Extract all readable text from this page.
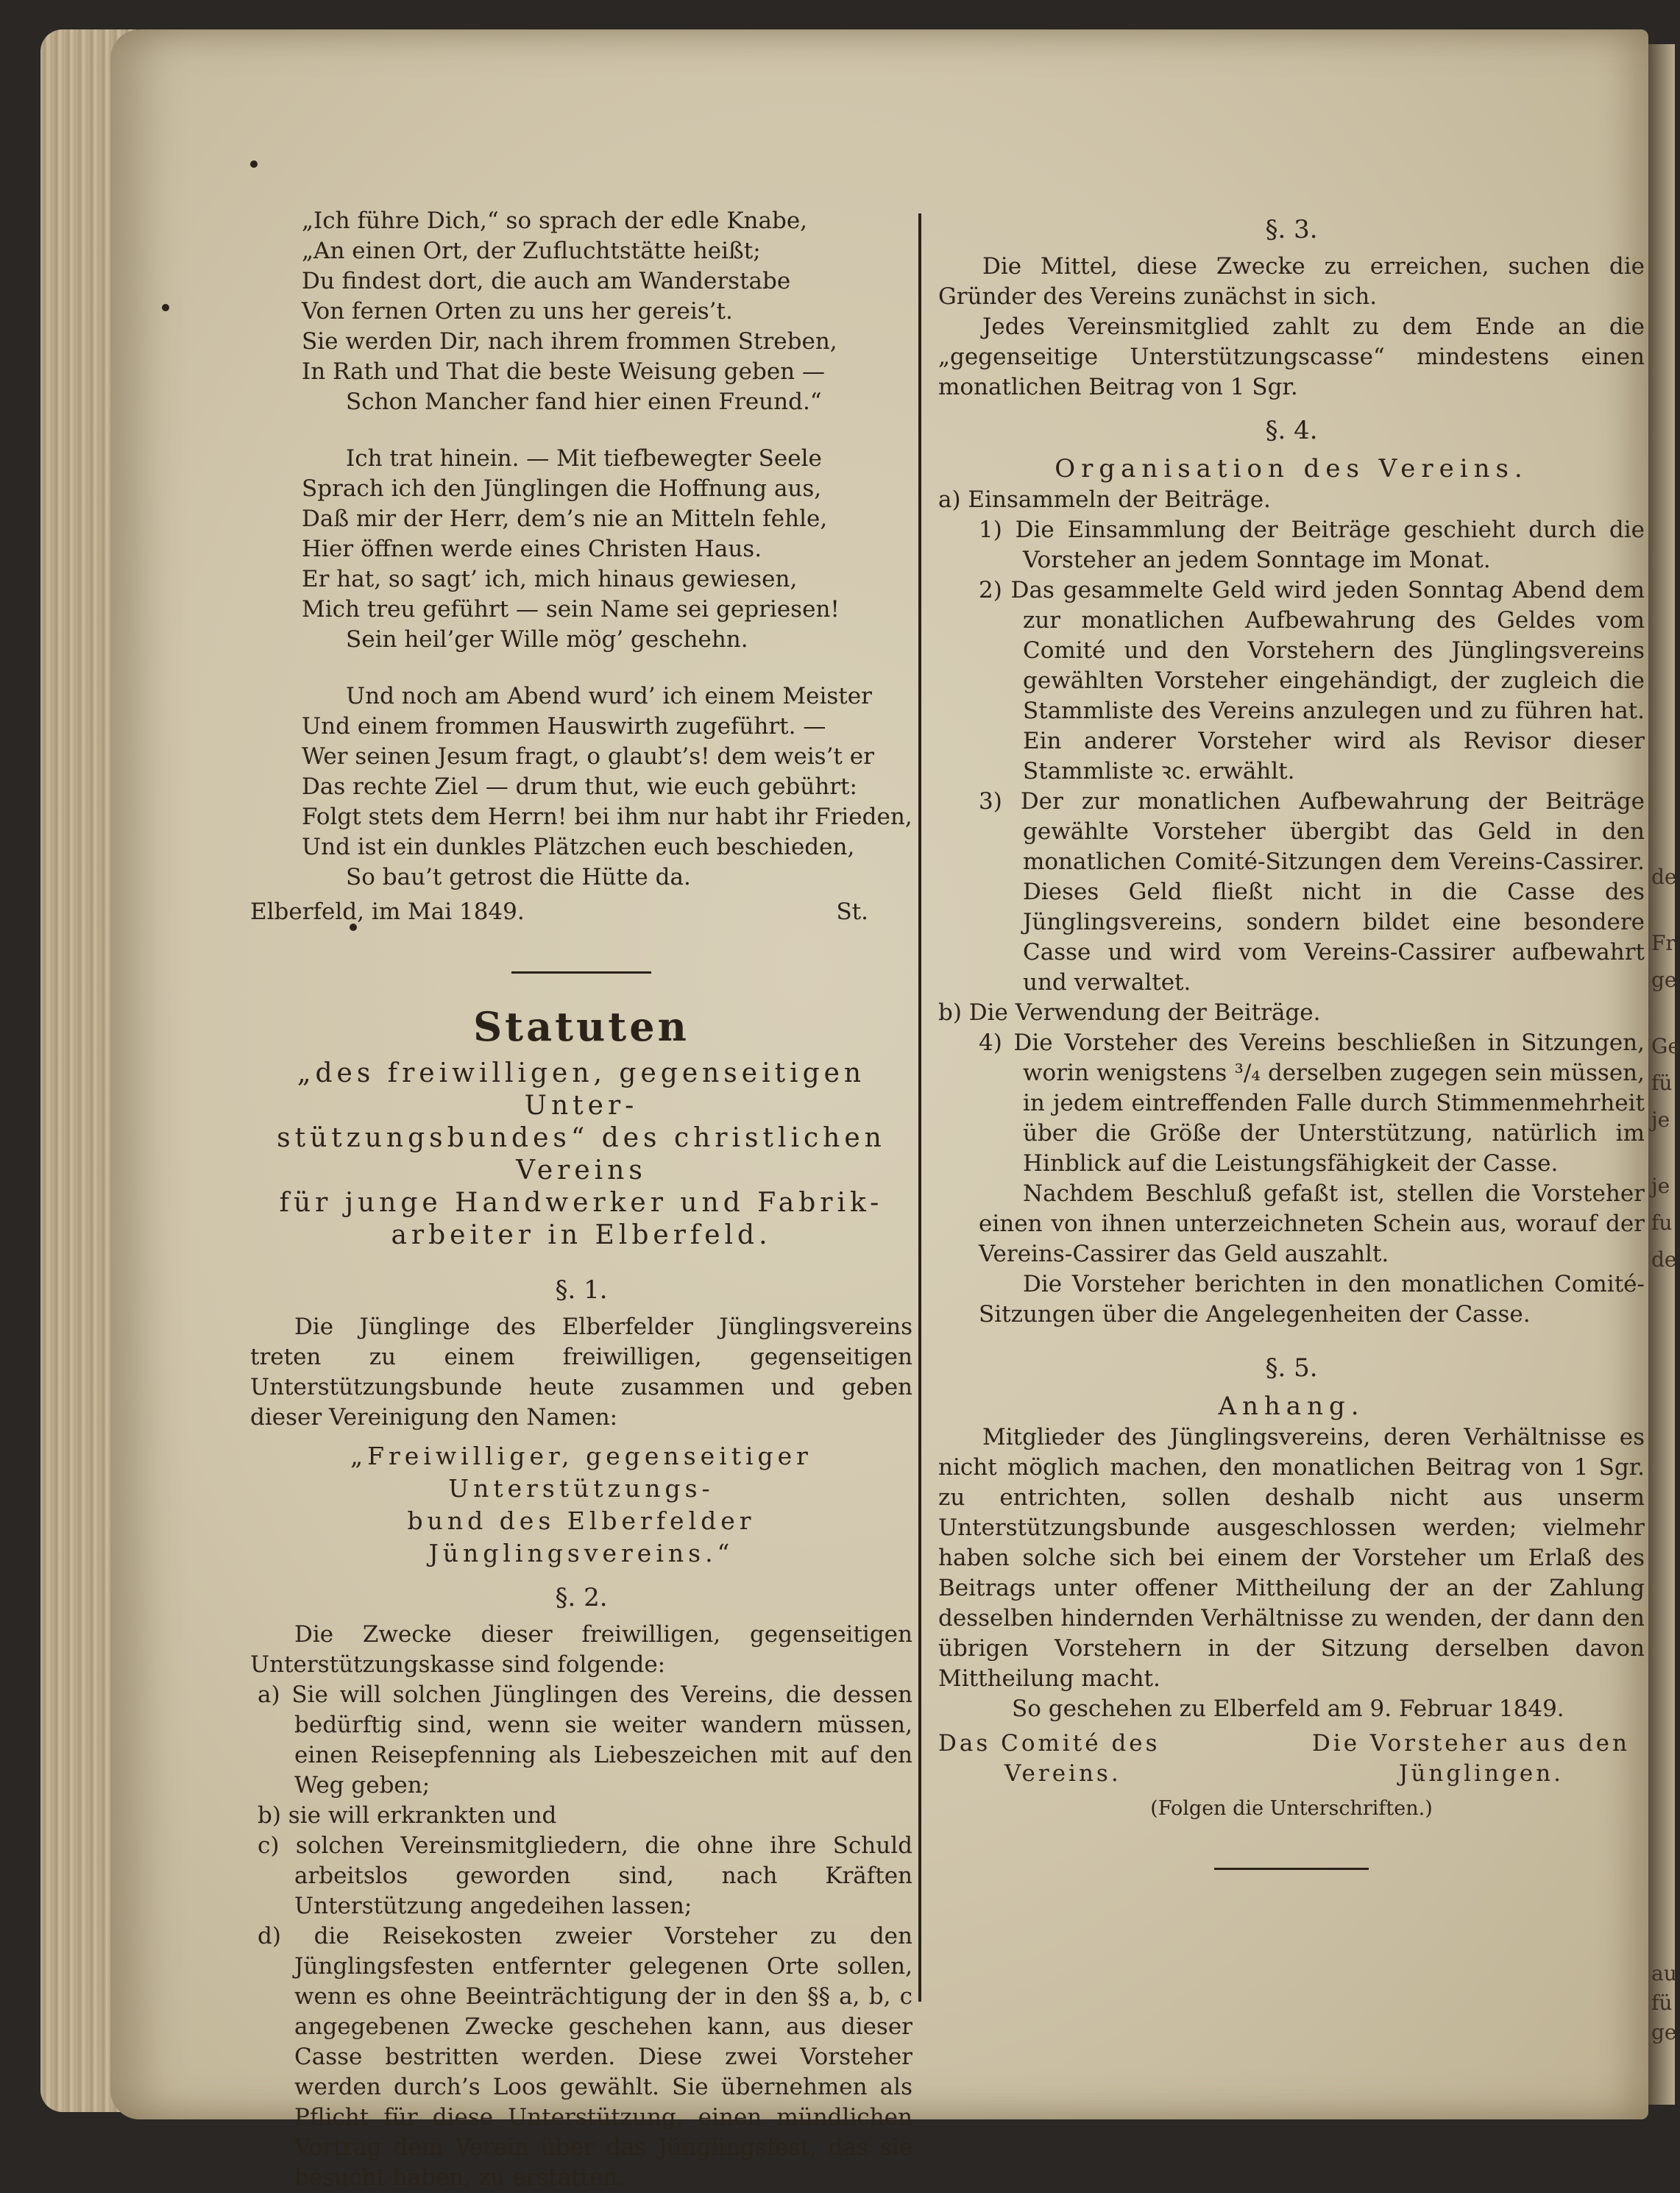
„Ich führe Dich,“ so sprach der edle Knabe,
„An einen Ort, der Zufluchtstätte heißt;
Du findest dort, die auch am Wanderstabe
Von fernen Orten zu uns her gereis’t.
Sie werden Dir, nach ihrem frommen Streben,
In Rath und That die beste Weisung geben —
Schon Mancher fand hier einen Freund.“
Ich trat hinein. — Mit tiefbewegter Seele
Sprach ich den Jünglingen die Hoffnung aus,
Daß mir der Herr, dem’s nie an Mitteln fehle,
Hier öffnen werde eines Christen Haus.
Er hat, so sagt’ ich, mich hinaus gewiesen,
Mich treu geführt — sein Name sei gepriesen!
Sein heil’ger Wille mög’ geschehn.
Und noch am Abend wurd’ ich einem Meister
Und einem frommen Hauswirth zugeführt. —
Wer seinen Jesum fragt, o glaubt’s! dem weis’t er
Das rechte Ziel — drum thut, wie euch gebührt:
Folgt stets dem Herrn! bei ihm nur habt ihr Frieden,
Und ist ein dunkles Plätzchen euch beschieden,
So bau’t getrost die Hütte da.
Elberfeld, im Mai 1849.	St.
Statuten
„des freiwilligen, gegenseitigen Unter-
stützungsbundes“ des christlichen Vereins
für junge Handwerker und Fabrik-
arbeiter in Elberfeld.
§. 1.
Die Jünglinge des Elberfelder Jünglingsvereins treten zu einem freiwilligen, gegenseitigen Unterstützungsbunde heute zusammen und geben dieser Vereinigung den Namen:
„Freiwilliger, gegenseitiger Unterstützungs-
bund des Elberfelder Jünglingsvereins.“
§. 2.
Die Zwecke dieser freiwilligen, gegenseitigen Unterstützungskasse sind folgende:
a) Sie will solchen Jünglingen des Vereins, die dessen bedürftig sind, wenn sie weiter wandern müssen, einen Reisepfenning als Liebeszeichen mit auf den Weg geben;
b) sie will erkrankten und
c) solchen Vereinsmitgliedern, die ohne ihre Schuld arbeitslos geworden sind, nach Kräften Unterstützung angedeihen lassen;
d) die Reisekosten zweier Vorsteher zu den Jünglingsfesten entfernter gelegenen Orte sollen, wenn es ohne Beeinträchtigung der in den §§ a, b, c angegebenen Zwecke geschehen kann, aus dieser Casse bestritten werden. Diese zwei Vorsteher werden durch’s Loos gewählt. Sie übernehmen als Pflicht für diese Unterstützung, einen mündlichen Vortrag dem Verein über das Jünglingsfest, das sie besucht haben, zu erstatten.
§. 3.
Die Mittel, diese Zwecke zu erreichen, suchen die Gründer des Vereins zunächst in sich.
Jedes Vereinsmitglied zahlt zu dem Ende an die „gegenseitige Unterstützungscasse“ mindestens einen monatlichen Beitrag von 1 Sgr.
§. 4.
Organisation des Vereins.
a) Einsammeln der Beiträge.
1) Die Einsammlung der Beiträge geschieht durch die Vorsteher an jedem Sonntage im Monat.
2) Das gesammelte Geld wird jeden Sonntag Abend dem zur monatlichen Aufbewahrung des Geldes vom Comité und den Vorstehern des Jünglingsvereins gewählten Vorsteher eingehändigt, der zugleich die Stammliste des Vereins anzulegen und zu führen hat. Ein anderer Vorsteher wird als Revisor dieser Stammliste ꝛc. erwählt.
3) Der zur monatlichen Aufbewahrung der Beiträge gewählte Vorsteher übergibt das Geld in den monatlichen Comité-Sitzungen dem Vereins-Cassirer. Dieses Geld fließt nicht in die Casse des Jünglingsvereins, sondern bildet eine besondere Casse und wird vom Vereins-Cassirer aufbewahrt und verwaltet.
b) Die Verwendung der Beiträge.
4) Die Vorsteher des Vereins beschließen in Sitzungen, worin wenigstens ³/₄ derselben zugegen sein müssen, in jedem eintreffenden Falle durch Stimmenmehrheit über die Größe der Unterstützung, natürlich im Hinblick auf die Leistungsfähigkeit der Casse.
Nachdem Beschluß gefaßt ist, stellen die Vorsteher einen von ihnen unterzeichneten Schein aus, worauf der Vereins-Cassirer das Geld auszahlt.
Die Vorsteher berichten in den monatlichen Comité-Sitzungen über die Angelegenheiten der Casse.
§. 5.
Anhang.
Mitglieder des Jünglingsvereins, deren Verhältnisse es nicht möglich machen, den monatlichen Beitrag von 1 Sgr. zu entrichten, sollen deshalb nicht aus unserm Unterstützungsbunde ausgeschlossen werden; vielmehr haben solche sich bei einem der Vorsteher um Erlaß des Beitrags unter offener Mittheilung der an der Zahlung desselben hindernden Verhältnisse zu wenden, der dann den übrigen Vorstehern in der Sitzung derselben davon Mittheilung macht.
So geschehen zu Elberfeld am 9. Februar 1849.
Das Comité des	Die Vorsteher aus den
Vereins.	Jünglingen.
(Folgen die Unterschriften.)
de
Fr
ge
Ge
fü
je
je
fu
de
au
fü
ge
